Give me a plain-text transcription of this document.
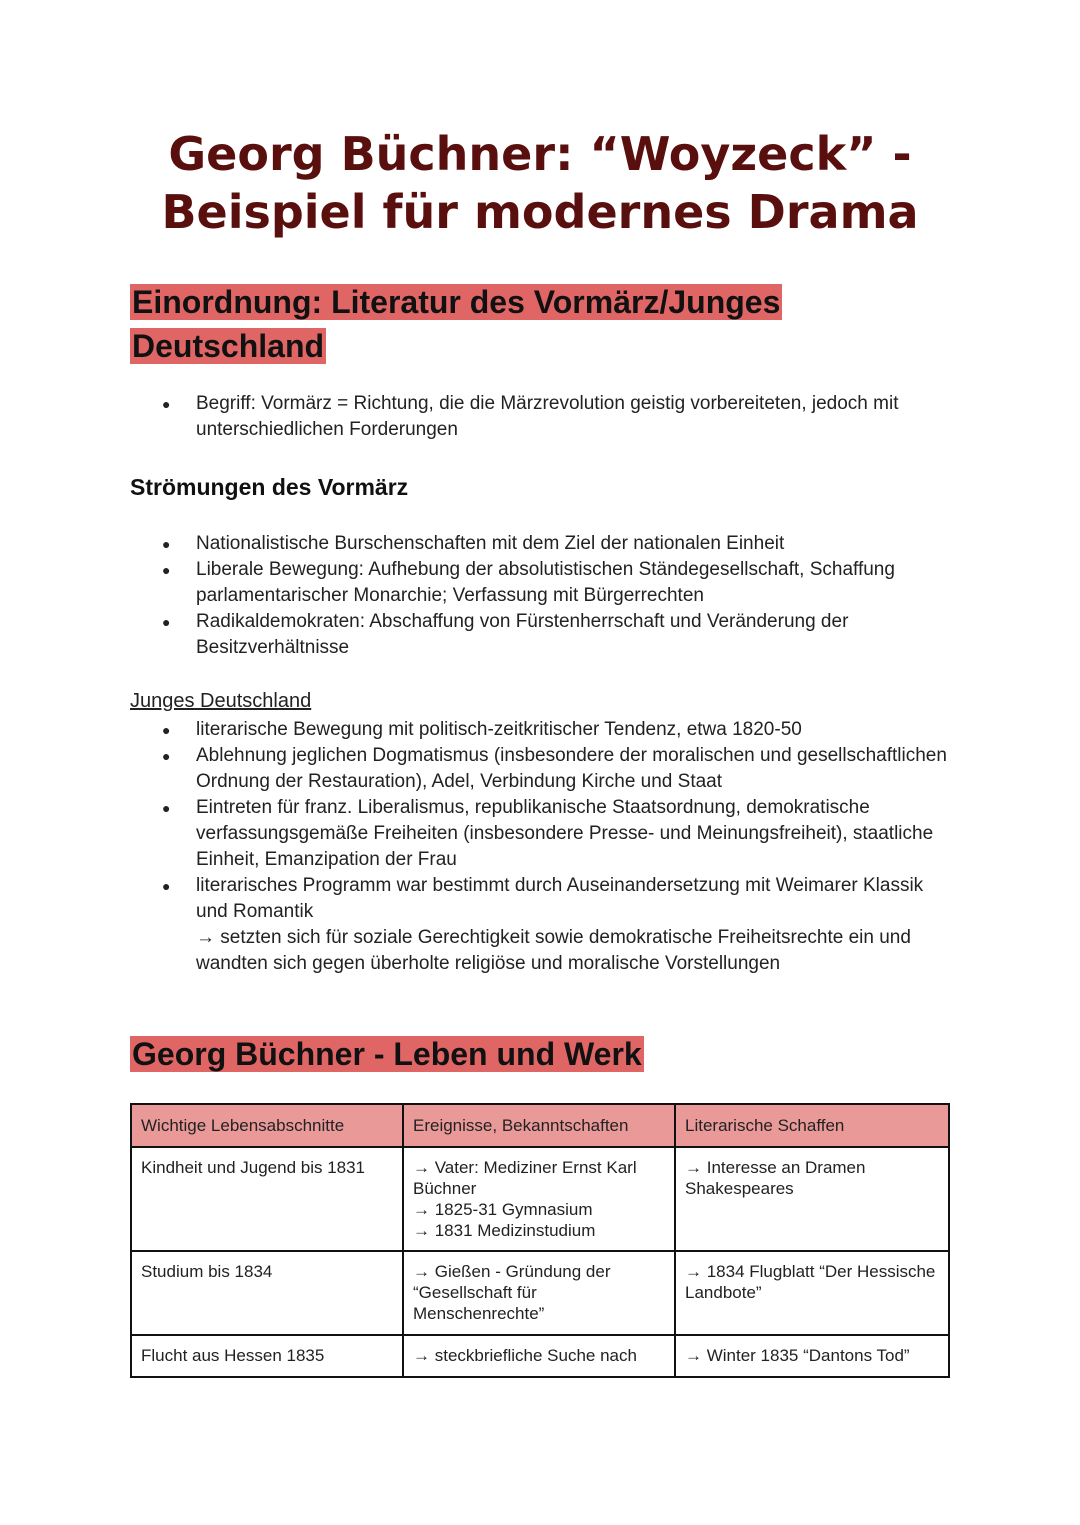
Georg Büchner: “Woyzeck” -
Beispiel für modernes Drama
Einordnung: Literatur des Vormärz/Junges
Deutschland
● Begriff: Vormärz = Richtung, die die Märzrevolution geistig vorbereiteten, jedoch mit unterschiedlichen Forderungen
Strömungen des Vormärz
● Nationalistische Burschenschaften mit dem Ziel der nationalen Einheit
● Liberale Bewegung: Aufhebung der absolutistischen Ständegesellschaft, Schaffung parlamentarischer Monarchie; Verfassung mit Bürgerrechten
● Radikaldemokraten: Abschaffung von Fürstenherrschaft und Veränderung der Besitzverhältnisse
Junges Deutschland
● literarische Bewegung mit politisch-zeitkritischer Tendenz, etwa 1820-50
● Ablehnung jeglichen Dogmatismus (insbesondere der moralischen und gesellschaftlichen Ordnung der Restauration), Adel, Verbindung Kirche und Staat
● Eintreten für franz. Liberalismus, republikanische Staatsordnung, demokratische verfassungsgemäße Freiheiten (insbesondere Presse- und Meinungsfreiheit), staatliche Einheit, Emanzipation der Frau
● literarisches Programm war bestimmt durch Auseinandersetzung mit Weimarer Klassik und Romantik
→ setzten sich für soziale Gerechtigkeit sowie demokratische Freiheitsrechte ein und wandten sich gegen überholte religiöse und moralische Vorstellungen
Georg Büchner - Leben und Werk
Wichtige Lebensabschnitte	Ereignisse, Bekanntschaften	Literarische Schaffen
Kindheit und Jugend bis 1831	→ Vater: Mediziner Ernst Karl Büchner
→ 1825-31 Gymnasium
→ 1831 Medizinstudium	→ Interesse an Dramen Shakespeares
Studium bis 1834	→ Gießen - Gründung der “Gesellschaft für Menschenrechte”	→ 1834 Flugblatt “Der Hessische Landbote”
Flucht aus Hessen 1835	→ steckbriefliche Suche nach	→ Winter 1835 “Dantons Tod”
